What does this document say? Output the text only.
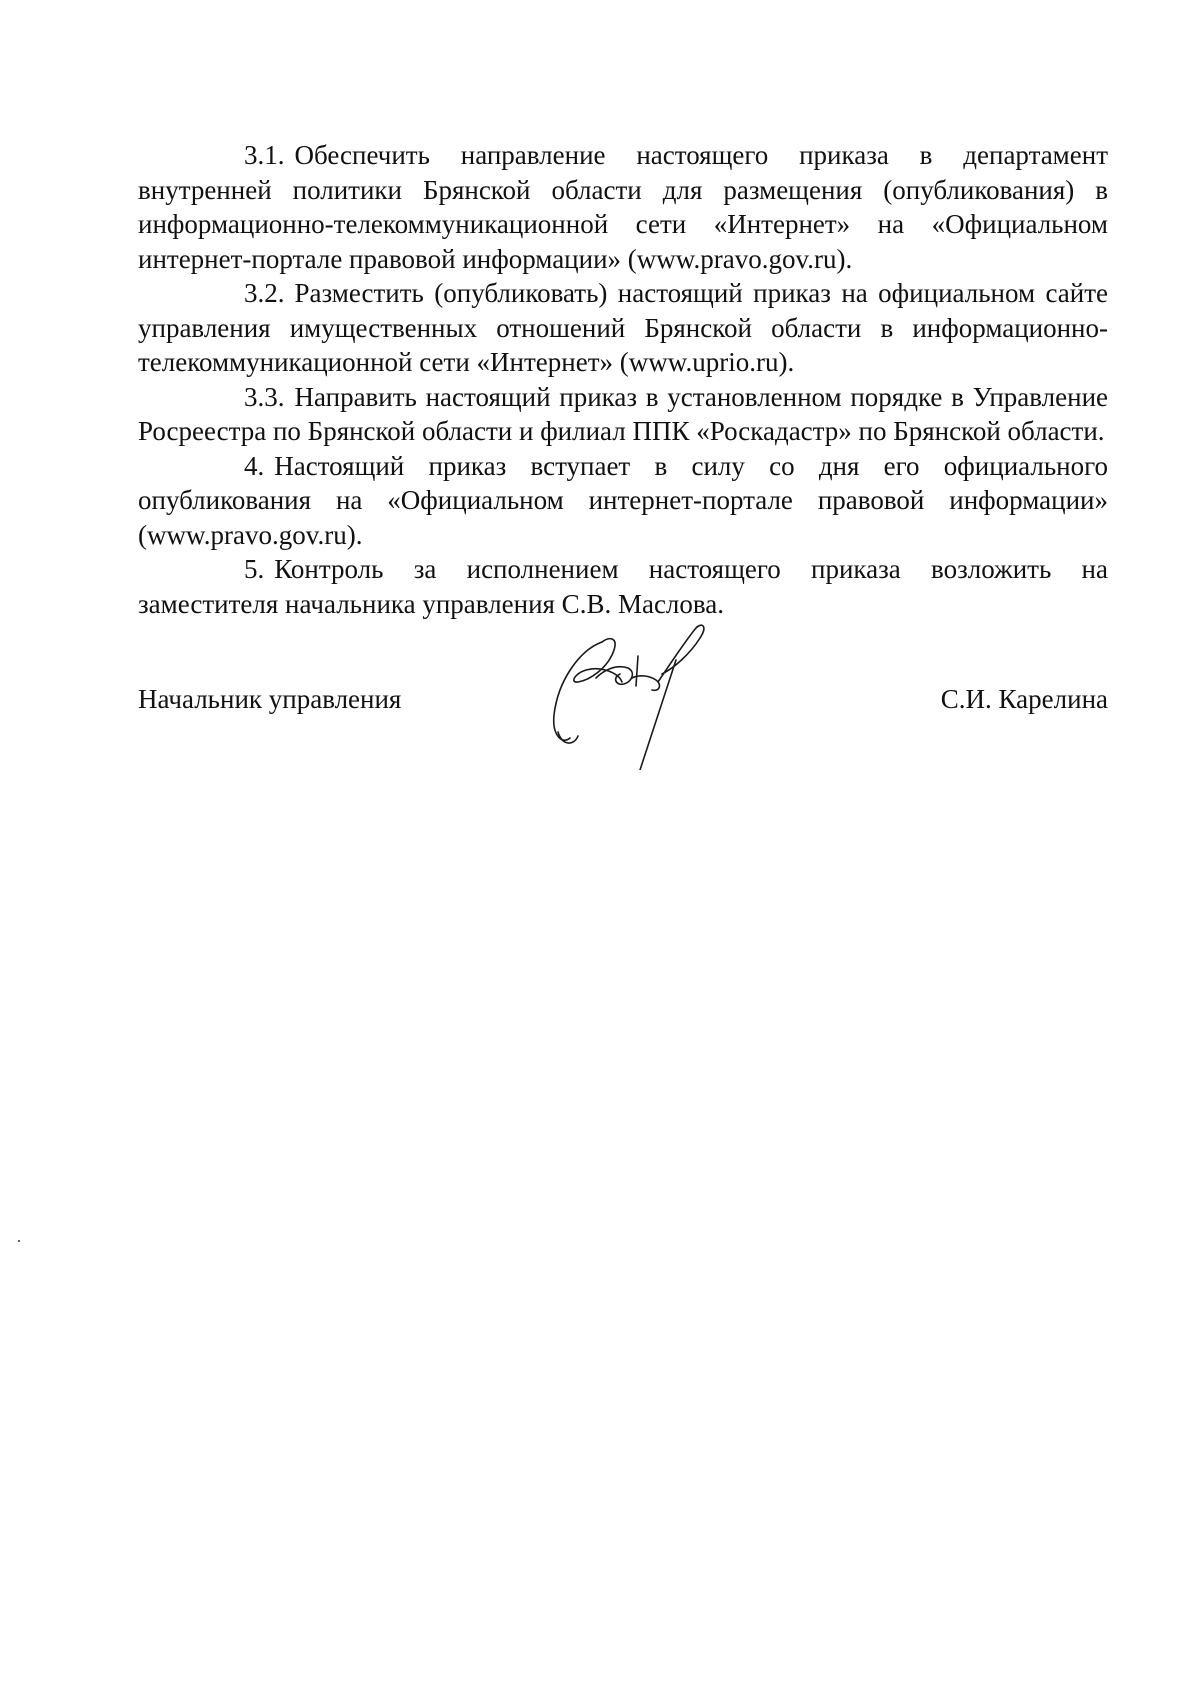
3.1. Обеспечить направление настоящего приказа в департамент внутренней политики Брянской области для размещения (опубликования) в информационно-телекоммуникационной сети «Интернет» на «Официальном интернет-портале правовой информации» (www.pravo.gov.ru).

3.2. Разместить (опубликовать) настоящий приказ на официальном сайте управления имущественных отношений Брянской области в информационно-телекоммуникационной сети «Интернет» (www.uprio.ru).

3.3. Направить настоящий приказ в установленном порядке в Управление Росреестра по Брянской области и филиал ППК «Роскадастр» по Брянской области.

4. Настоящий приказ вступает в силу со дня его официального опубликования на «Официальном интернет-портале правовой информации» (www.pravo.gov.ru).

5. Контроль за исполнением настоящего приказа возложить на заместителя начальника управления С.В. Маслова.

Начальник управления	С.И. Карелина
